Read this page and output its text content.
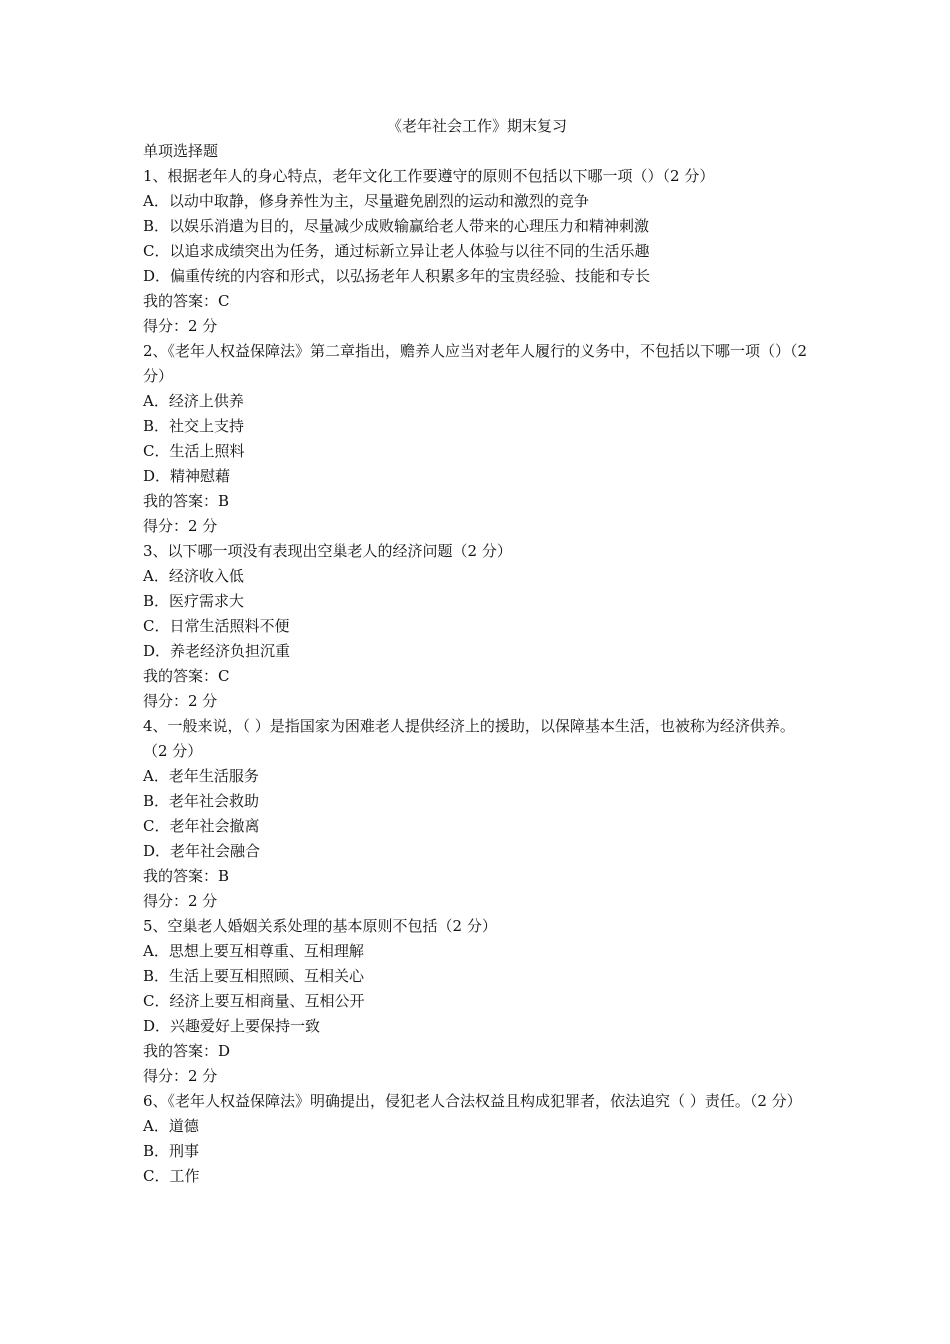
《老年社会工作》期末复习

单项选择题

1、根据老年人的身心特点，老年文化工作要遵守的原则不包括以下哪一项（）（2 分）

A．以动中取静，修身养性为主，尽量避免剧烈的运动和激烈的竞争

B．以娱乐消遣为目的，尽量减少成败输赢给老人带来的心理压力和精神刺激

C．以追求成绩突出为任务，通过标新立异让老人体验与以往不同的生活乐趣

D．偏重传统的内容和形式，以弘扬老年人积累多年的宝贵经验、技能和专长

我的答案：C

得分：2 分

2、《老年人权益保障法》第二章指出，赡养人应当对老年人履行的义务中，不包括以下哪一项（）（2 分）

A．经济上供养

B．社交上支持

C．生活上照料

D．精神慰藉

我的答案：B

得分：2 分

3、以下哪一项没有表现出空巢老人的经济问题（2 分）

A．经济收入低

B．医疗需求大

C．日常生活照料不便

D．养老经济负担沉重

我的答案：C

得分：2 分

4、一般来说，（ ）是指国家为困难老人提供经济上的援助，以保障基本生活，也被称为经济供养。（2 分）

A．老年生活服务

B．老年社会救助

C．老年社会撤离

D．老年社会融合

我的答案：B

得分：2 分

5、空巢老人婚姻关系处理的基本原则不包括（2 分）

A．思想上要互相尊重、互相理解

B．生活上要互相照顾、互相关心

C．经济上要互相商量、互相公开

D．兴趣爱好上要保持一致

我的答案：D

得分：2 分

6、《老年人权益保障法》明确提出，侵犯老人合法权益且构成犯罪者，依法追究（ ）责任。（2 分）

A．道德

B．刑事

C．工作
